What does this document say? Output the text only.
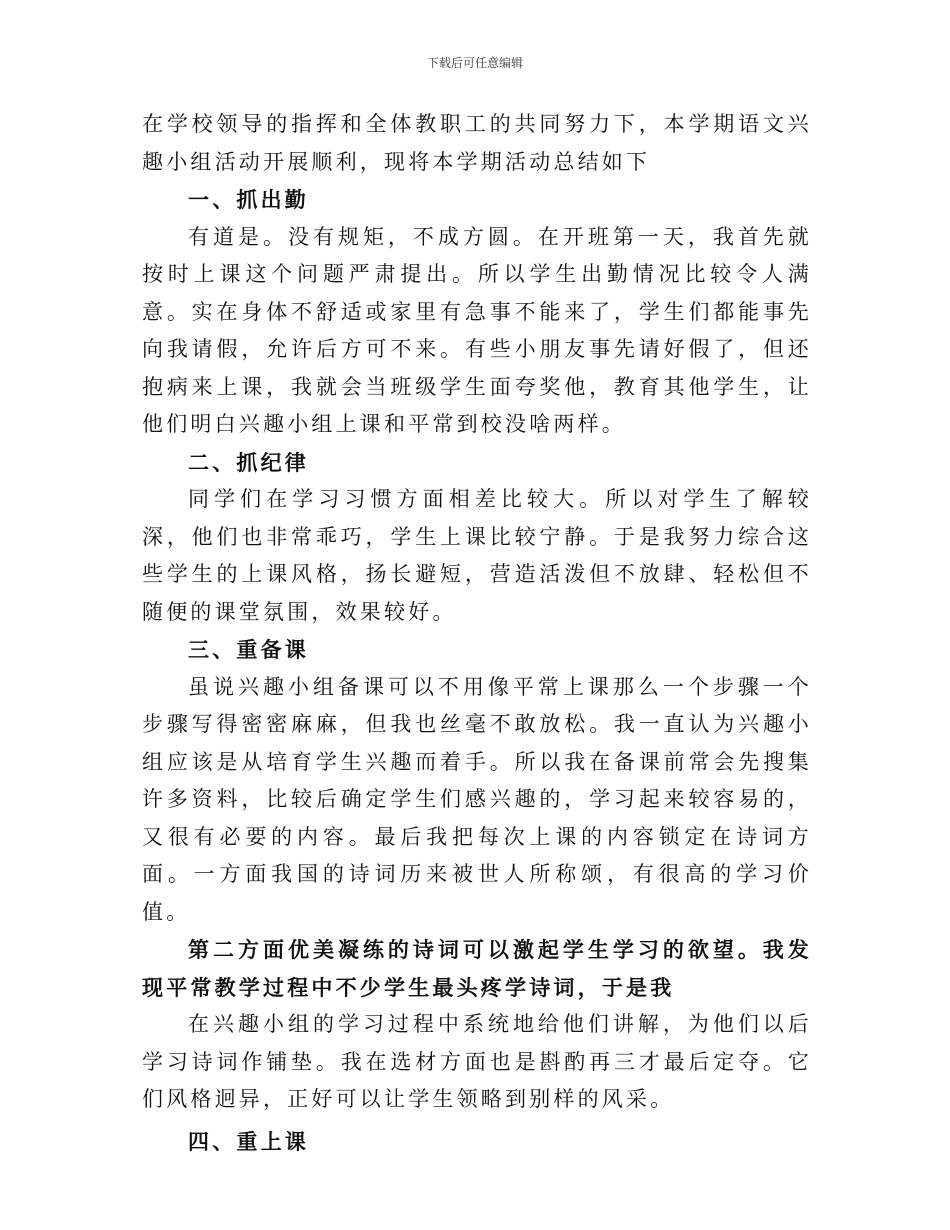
下载后可任意编辑

在学校领导的指挥和全体教职工的共同努力下，本学期语文兴趣小组活动开展顺利，现将本学期活动总结如下

一、抓出勤

有道是。没有规矩，不成方圆。在开班第一天，我首先就按时上课这个问题严肃提出。所以学生出勤情况比较令人满意。实在身体不舒适或家里有急事不能来了，学生们都能事先向我请假，允许后方可不来。有些小朋友事先请好假了，但还抱病来上课，我就会当班级学生面夸奖他，教育其他学生，让他们明白兴趣小组上课和平常到校没啥两样。

二、抓纪律

同学们在学习习惯方面相差比较大。所以对学生了解较深，他们也非常乖巧，学生上课比较宁静。于是我努力综合这些学生的上课风格，扬长避短，营造活泼但不放肆、轻松但不随便的课堂氛围，效果较好。

三、重备课

虽说兴趣小组备课可以不用像平常上课那么一个步骤一个步骤写得密密麻麻，但我也丝毫不敢放松。我一直认为兴趣小组应该是从培育学生兴趣而着手。所以我在备课前常会先搜集许多资料，比较后确定学生们感兴趣的，学习起来较容易的，又很有必要的内容。最后我把每次上课的内容锁定在诗词方面。一方面我国的诗词历来被世人所称颂，有很高的学习价值。

第二方面优美凝练的诗词可以激起学生学习的欲望。我发现平常教学过程中不少学生最头疼学诗词，于是我

在兴趣小组的学习过程中系统地给他们讲解，为他们以后学习诗词作铺垫。我在选材方面也是斟酌再三才最后定夺。它们风格迥异，正好可以让学生领略到别样的风采。

四、重上课
